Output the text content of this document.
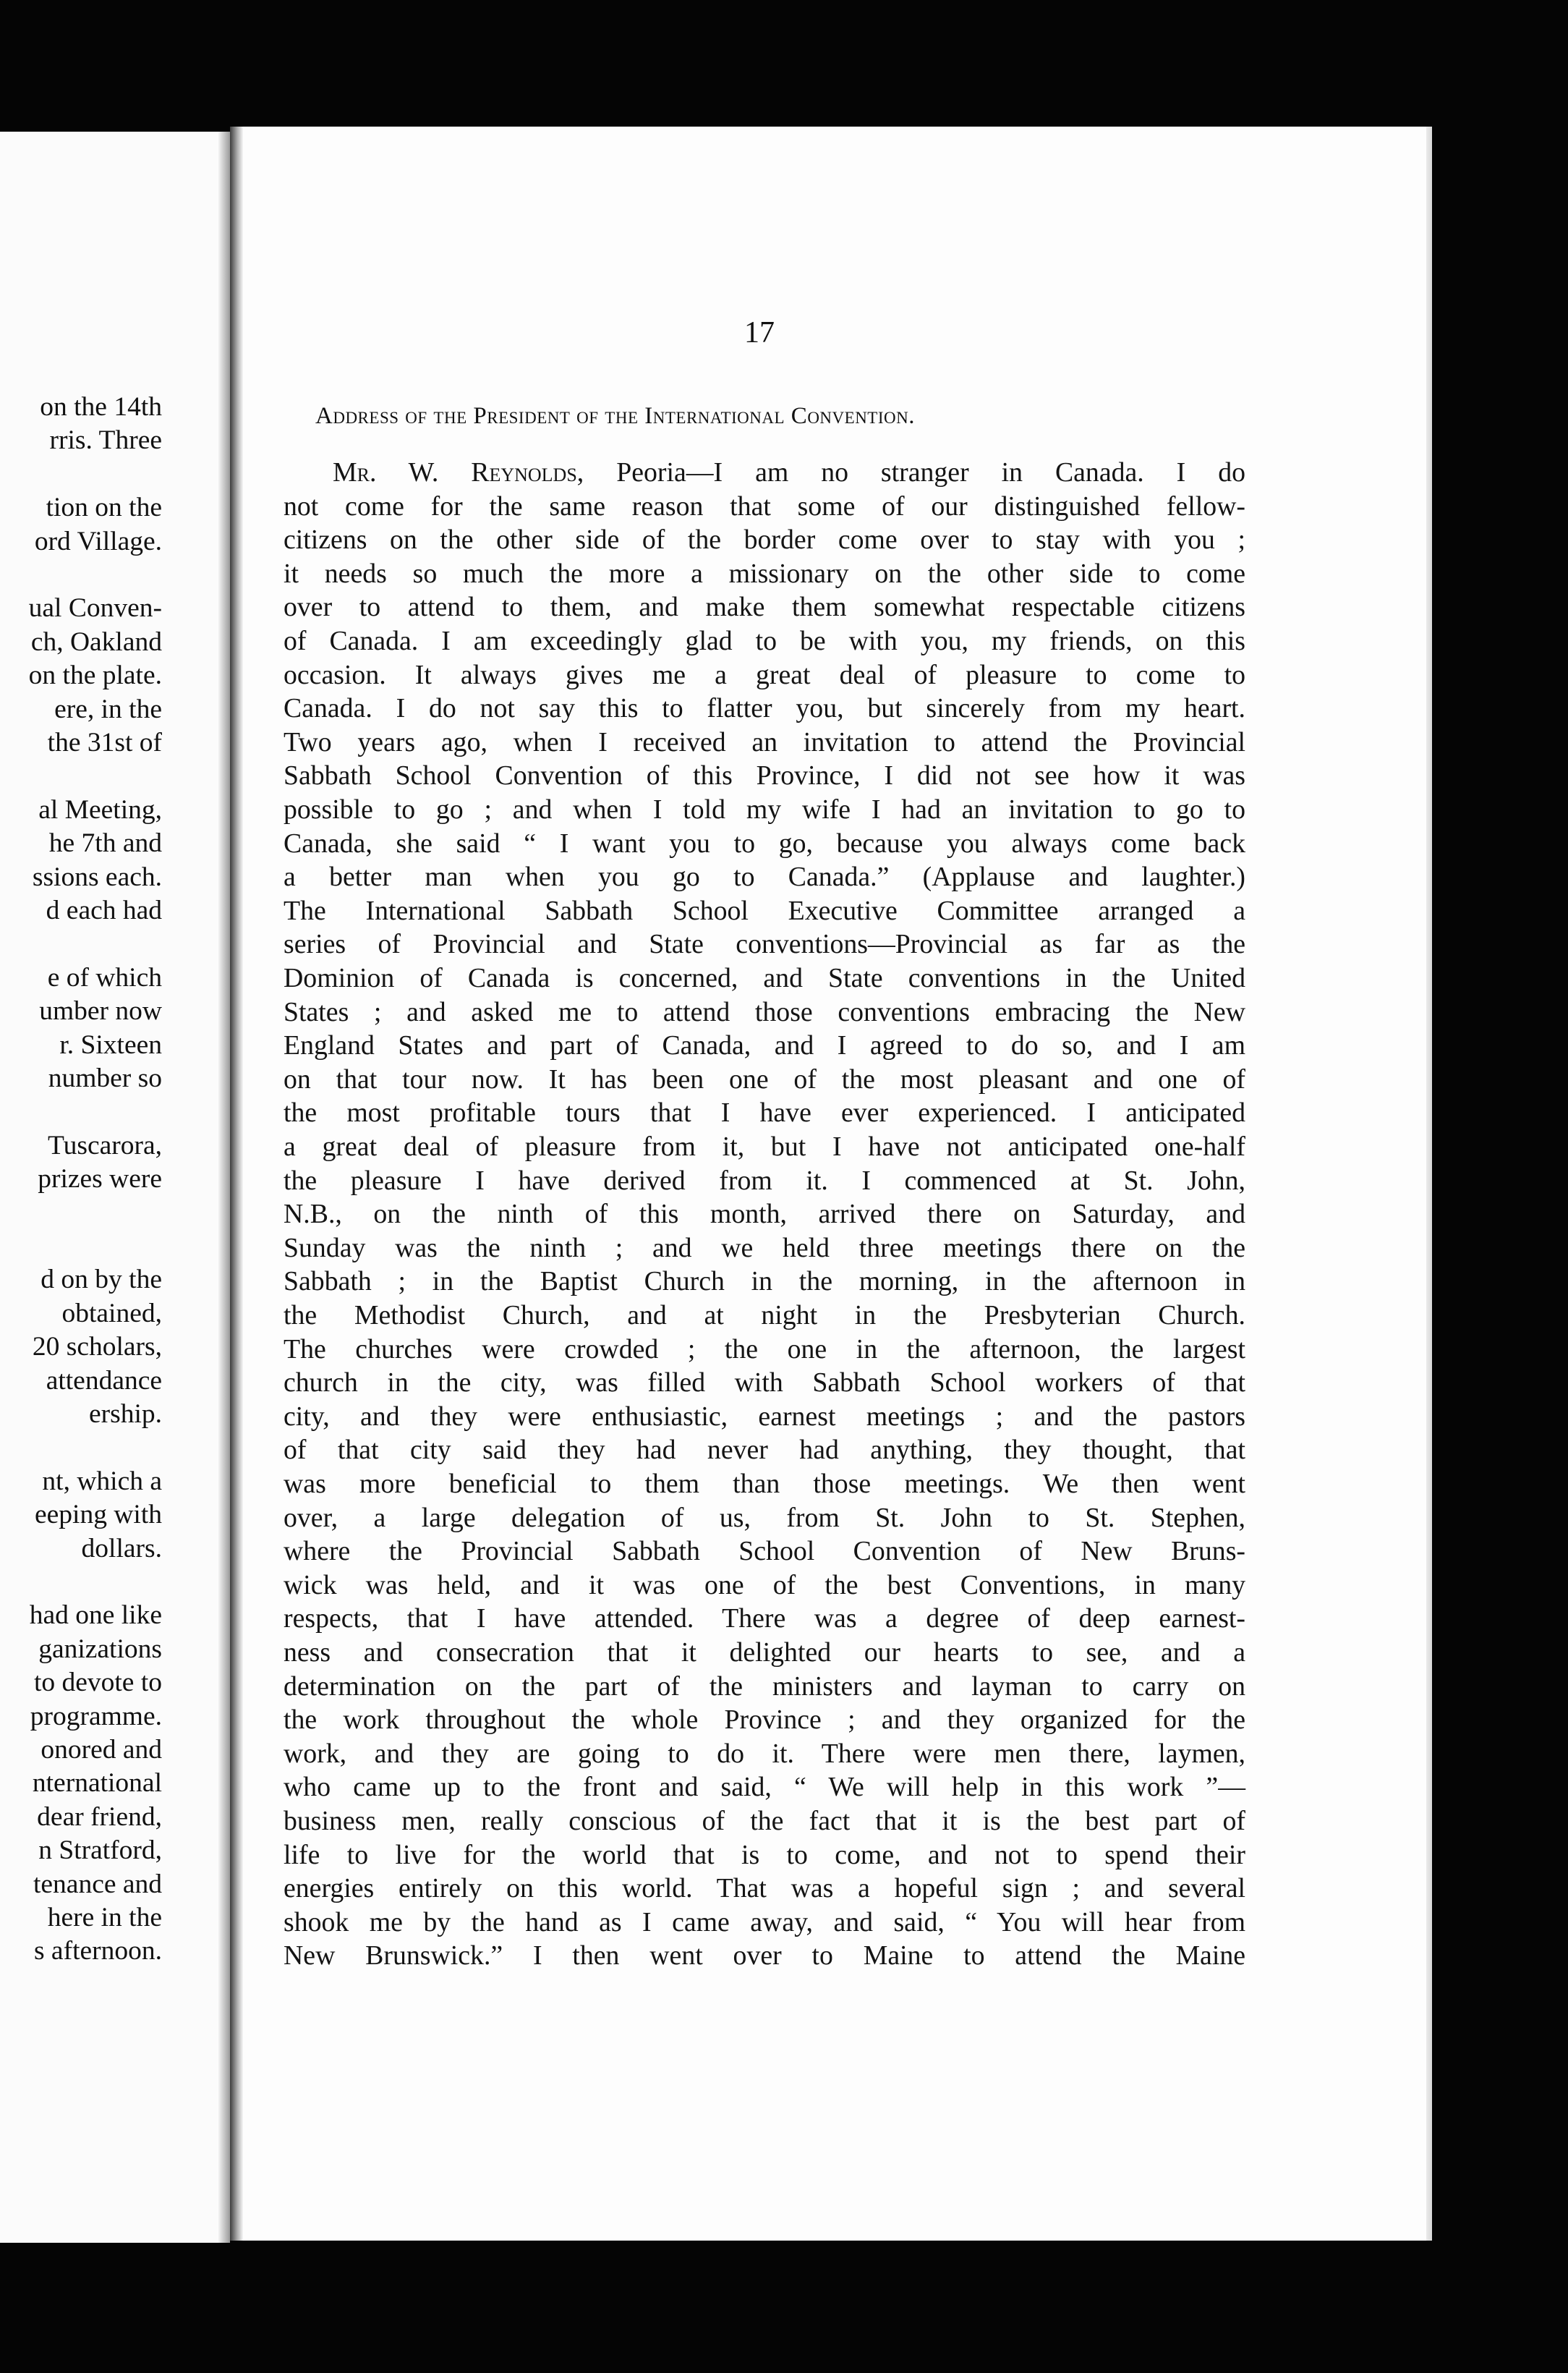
on the 14th
rris. Three
tion on the
ord Village.
ual Conven-
ch, Oakland
on the plate.
ere, in the
the 31st of
al Meeting,
he 7th and
ssions each.
d each had
e of which
umber now
r. Sixteen
number so
Tuscarora,
prizes were
d on by the
obtained,
20 scholars,
attendance
ership.
nt, which a
eeping with
dollars.
had one like
ganizations
to devote to
programme.
onored and
nternational
dear friend,
n Stratford,
tenance and
here in the
s afternoon.
17
Address of the President of the International Convention.
Mr. W. Reynolds, Peoria—I am no stranger in Canada. I do
not come for the same reason that some of our distinguished fellow-
citizens on the other side of the border come over to stay with you ;
it needs so much the more a missionary on the other side to come
over to attend to them, and make them somewhat respectable citizens
of Canada. I am exceedingly glad to be with you, my friends, on this
occasion. It always gives me a great deal of pleasure to come to
Canada. I do not say this to flatter you, but sincerely from my heart.
Two years ago, when I received an invitation to attend the Provincial
Sabbath School Convention of this Province, I did not see how it was
possible to go ; and when I told my wife I had an invitation to go to
Canada, she said “ I want you to go, because you always come back
a better man when you go to Canada.” (Applause and laughter.)
The International Sabbath School Executive Committee arranged a
series of Provincial and State conventions—Provincial as far as the
Dominion of Canada is concerned, and State conventions in the United
States ; and asked me to attend those conventions embracing the New
England States and part of Canada, and I agreed to do so, and I am
on that tour now. It has been one of the most pleasant and one of
the most profitable tours that I have ever experienced. I anticipated
a great deal of pleasure from it, but I have not anticipated one-half
the pleasure I have derived from it. I commenced at St. John,
N.B., on the ninth of this month, arrived there on Saturday, and
Sunday was the ninth ; and we held three meetings there on the
Sabbath ; in the Baptist Church in the morning, in the afternoon in
the Methodist Church, and at night in the Presbyterian Church.
The churches were crowded ; the one in the afternoon, the largest
church in the city, was filled with Sabbath School workers of that
city, and they were enthusiastic, earnest meetings ; and the pastors
of that city said they had never had anything, they thought, that
was more beneficial to them than those meetings. We then went
over, a large delegation of us, from St. John to St. Stephen,
where the Provincial Sabbath School Convention of New Bruns-
wick was held, and it was one of the best Conventions, in many
respects, that I have attended. There was a degree of deep earnest-
ness and consecration that it delighted our hearts to see, and a
determination on the part of the ministers and layman to carry on
the work throughout the whole Province ; and they organized for the
work, and they are going to do it. There were men there, laymen,
who came up to the front and said, “ We will help in this work ”—
business men, really conscious of the fact that it is the best part of
life to live for the world that is to come, and not to spend their
energies entirely on this world. That was a hopeful sign ; and several
shook me by the hand as I came away, and said, “ You will hear from
New Brunswick.” I then went over to Maine to attend the Maine
